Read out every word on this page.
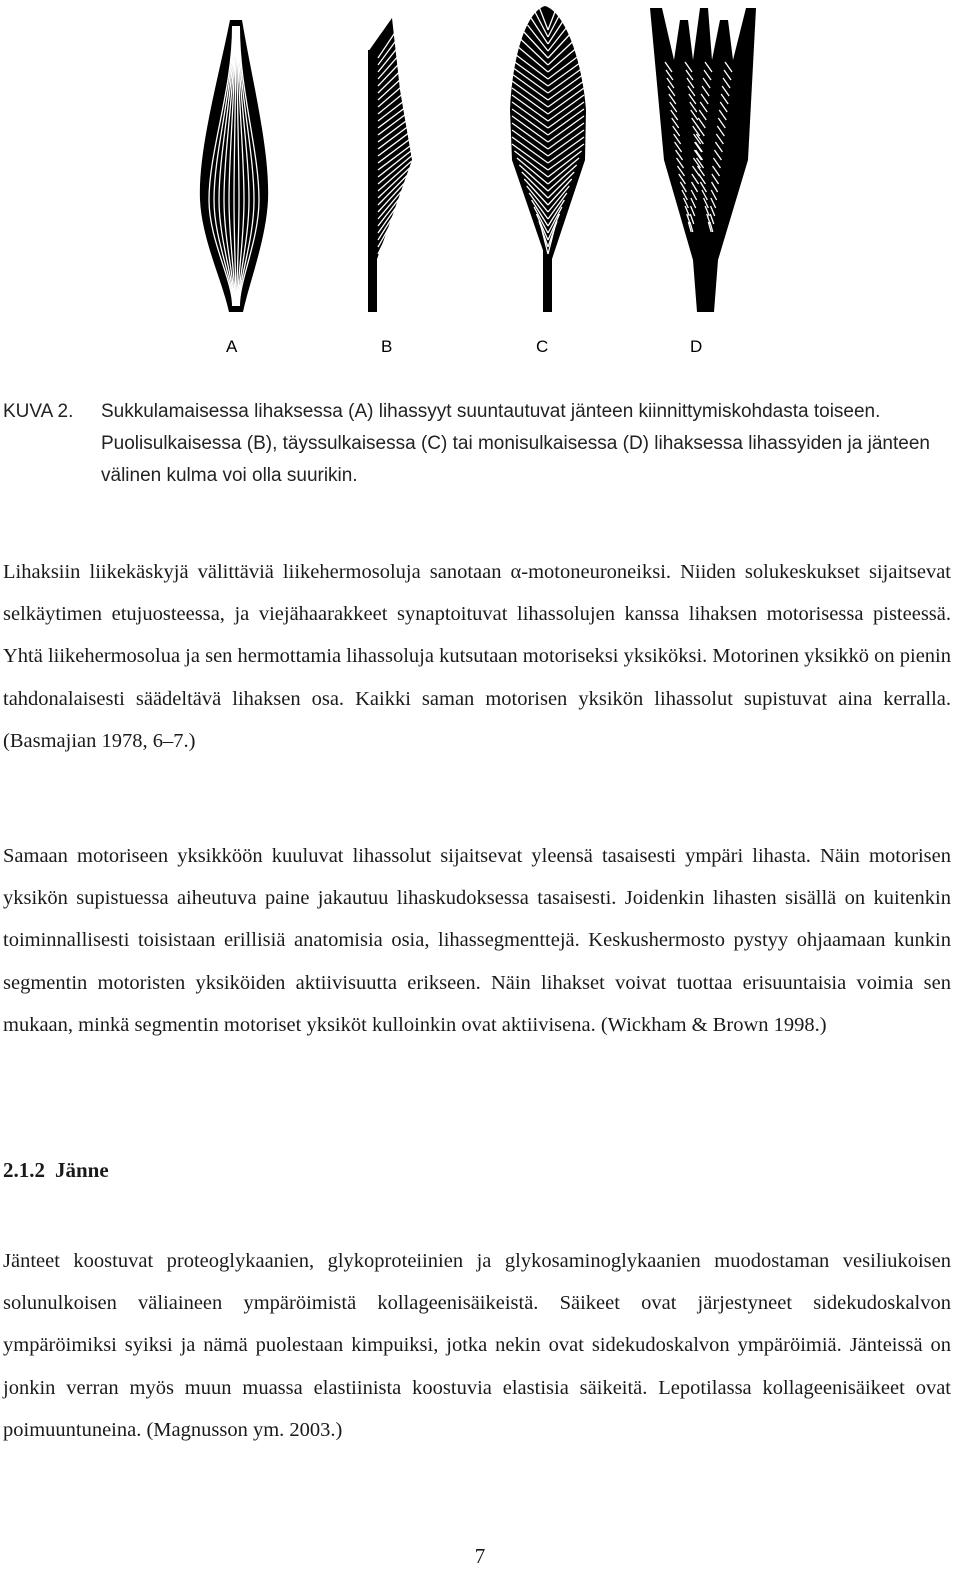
A	B	C	D
KUVA 2.	Sukkulamaisessa lihaksessa (A) lihassyyt suuntautuvat jänteen kiinnittymiskohdasta toiseen. Puolisulkaisessa (B), täyssulkaisessa (C) tai monisulkaisessa (D) lihaksessa lihassyiden ja jänteen välinen kulma voi olla suurikin.

Lihaksiin liikekäskyjä välittäviä liikehermosoluja sanotaan α-motoneuroneiksi. Niiden solukeskukset sijaitsevat selkäytimen etujuosteessa, ja viejähaarakkeet synaptoituvat lihassolujen kanssa lihaksen motorisessa pisteessä. Yhtä liikehermosolua ja sen hermottamia lihassoluja kutsutaan motoriseksi yksiköksi. Motorinen yksikkö on pienin tahdonalaisesti säädeltävä lihaksen osa. Kaikki saman motorisen yksikön lihassolut supistuvat aina kerralla. (Basmajian 1978, 6–7.)

Samaan motoriseen yksikköön kuuluvat lihassolut sijaitsevat yleensä tasaisesti ympäri lihasta. Näin motorisen yksikön supistuessa aiheutuva paine jakautuu lihaskudoksessa tasaisesti. Joidenkin lihasten sisällä on kuitenkin toiminnallisesti toisistaan erillisiä anatomisia osia, lihassegmenttejä. Keskushermosto pystyy ohjaamaan kunkin segmentin motoristen yksiköiden aktiivisuutta erikseen. Näin lihakset voivat tuottaa erisuuntaisia voimia sen mukaan, minkä segmentin motoriset yksiköt kulloinkin ovat aktiivisena. (Wickham & Brown 1998.)

2.1.2 Jänne

Jänteet koostuvat proteoglykaanien, glykoproteiinien ja glykosaminoglykaanien muodostaman vesiliukoisen solunulkoisen väliaineen ympäröimistä kollageenisäikeistä. Säikeet ovat järjestyneet sidekudoskalvon ympäröimiksi syiksi ja nämä puolestaan kimpuiksi, jotka nekin ovat sidekudoskalvon ympäröimiä. Jänteissä on jonkin verran myös muun muassa elastiinista koostuvia elastisia säikeitä. Lepotilassa kollageenisäikeet ovat poimuuntuneina. (Magnusson ym. 2003.)

7
